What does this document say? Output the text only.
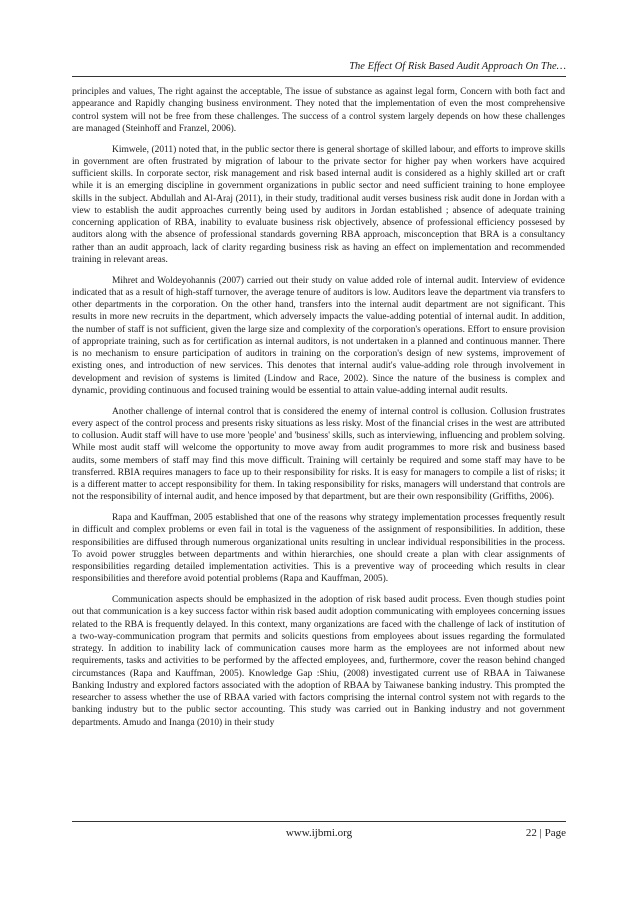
The Effect Of Risk Based Audit Approach On The…

principles and values, The right against the acceptable, The issue of substance as against legal form, Concern with both fact and appearance and Rapidly changing business environment. They noted that the implementation of even the most comprehensive control system will not be free from these challenges. The success of a control system largely depends on how these challenges are managed (Steinhoff and Franzel, 2006).

Kimwele, (2011) noted that, in the public sector there is general shortage of skilled labour, and efforts to improve skills in government are often frustrated by migration of labour to the private sector for higher pay when workers have acquired sufficient skills. In corporate sector, risk management and risk based internal audit is considered as a highly skilled art or craft while it is an emerging discipline in government organizations in public sector and need sufficient training to hone employee skills in the subject. Abdullah and Al-Araj (2011), in their study, traditional audit verses business risk audit done in Jordan with a view to establish the audit approaches currently being used by auditors in Jordan established ; absence of adequate training concerning application of RBA, inability to evaluate business risk objectively, absence of professional efficiency possesed by auditors along with the absence of professional standards governing RBA approach, misconception that BRA is a consultancy rather than an audit approach, lack of clarity regarding business risk as having an effect on implementation and recommended training in relevant areas.

Mihret and Woldeyohannis (2007) carried out their study on value added role of internal audit. Interview of evidence indicated that as a result of high-staff turnover, the average tenure of auditors is low. Auditors leave the department via transfers to other departments in the corporation. On the other hand, transfers into the internal audit department are not significant. This results in more new recruits in the department, which adversely impacts the value-adding potential of internal audit. In addition, the number of staff is not sufficient, given the large size and complexity of the corporation's operations. Effort to ensure provision of appropriate training, such as for certification as internal auditors, is not undertaken in a planned and continuous manner. There is no mechanism to ensure participation of auditors in training on the corporation's design of new systems, improvement of existing ones, and introduction of new services. This denotes that internal audit's value-adding role through involvement in development and revision of systems is limited (Lindow and Race, 2002). Since the nature of the business is complex and dynamic, providing continuous and focused training would be essential to attain value-adding internal audit results.

Another challenge of internal control that is considered the enemy of internal control is collusion. Collusion frustrates every aspect of the control process and presents risky situations as less risky. Most of the financial crises in the west are attributed to collusion. Audit staff will have to use more 'people' and 'business' skills, such as interviewing, influencing and problem solving. While most audit staff will welcome the opportunity to move away from audit programmes to more risk and business based audits, some members of staff may find this move difficult. Training will certainly be required and some staff may have to be transferred. RBIA requires managers to face up to their responsibility for risks. It is easy for managers to compile a list of risks; it is a different matter to accept responsibility for them. In taking responsibility for risks, managers will understand that controls are not the responsibility of internal audit, and hence imposed by that department, but are their own responsibility (Griffiths, 2006).

Rapa and Kauffman, 2005 established that one of the reasons why strategy implementation processes frequently result in difficult and complex problems or even fail in total is the vagueness of the assignment of responsibilities. In addition, these responsibilities are diffused through numerous organizational units resulting in unclear individual responsibilities in the process. To avoid power struggles between departments and within hierarchies, one should create a plan with clear assignments of responsibilities regarding detailed implementation activities. This is a preventive way of proceeding which results in clear responsibilities and therefore avoid potential problems (Rapa and Kauffman, 2005).

Communication aspects should be emphasized in the adoption of risk based audit process. Even though studies point out that communication is a key success factor within risk based audit adoption communicating with employees concerning issues related to the RBA is frequently delayed. In this context, many organizations are faced with the challenge of lack of institution of a two-way-communication program that permits and solicits questions from employees about issues regarding the formulated strategy. In addition to inability lack of communication causes more harm as the employees are not informed about new requirements, tasks and activities to be performed by the affected employees, and, furthermore, cover the reason behind changed circumstances (Rapa and Kauffman, 2005). Knowledge Gap :Shiu, (2008) investigated current use of RBAA in Taiwanese Banking Industry and explored factors associated with the adoption of RBAA by Taiwanese banking industry. This prompted the researcher to assess whether the use of RBAA varied with factors comprising the internal control system not with regards to the banking industry but to the public sector accounting. This study was carried out in Banking industry and not government departments. Amudo and Inanga (2010) in their study

www.ijbmi.org	22 | Page
